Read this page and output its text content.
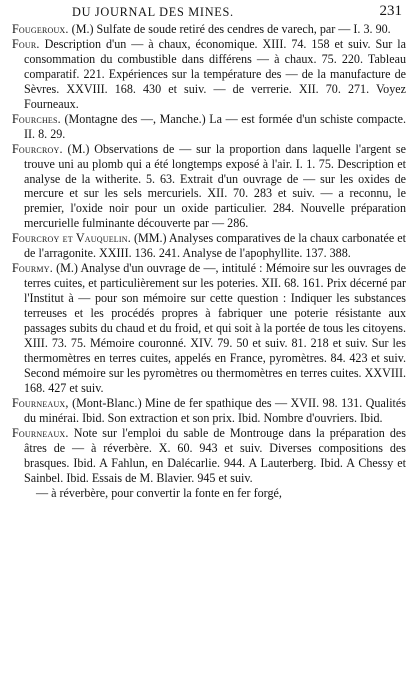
DU JOURNAL DES MINES.	231

Fougeroux. (M.) Sulfate de soude retiré des cendres de varech, par — I. 3. 90.

Four. Description d'un — à chaux, économique. XIII. 74. 158 et suiv. Sur la consommation du combustible dans différens — à chaux. 75. 220. Tableau comparatif. 221. Expériences sur la température des — de la manufacture de Sèvres. XXVIII. 168. 430 et suiv. — de verrerie. XII. 70. 271. Voyez Fourneaux.

Fourches. (Montagne des —, Manche.) La — est formée d'un schiste compacte. II. 8. 29.

Fourcroy. (M.) Observations de — sur la proportion dans laquelle l'argent se trouve uni au plomb qui a été longtemps exposé à l'air. I. 1. 75. Description et analyse de la witherite. 5. 63. Extrait d'un ouvrage de — sur les oxides de mercure et sur les sels mercuriels. XII. 70. 283 et suiv. — a reconnu, le premier, l'oxide noir pour un oxide particulier. 284. Nouvelle préparation mercurielle fulminante découverte par — 286.

Fourcroy et Vauquelin. (MM.) Analyses comparatives de la chaux carbonatée et de l'arragonite. XXIII. 136. 241. Analyse de l'apophyllite. 137. 388.

Fourmy. (M.) Analyse d'un ouvrage de —, intitulé : Mémoire sur les ouvrages de terres cuites, et particulièrement sur les poteries. XII. 68. 161. Prix décerné par l'Institut à — pour son mémoire sur cette question : Indiquer les substances terreuses et les procédés propres à fabriquer une poterie résistante aux passages subits du chaud et du froid, et qui soit à la portée de tous les citoyens. XIII. 73. 75. Mémoire couronné. XIV. 79. 50 et suiv. 81. 218 et suiv. Sur les thermomètres en terres cuites, appelés en France, pyromètres. 84. 423 et suiv. Second mémoire sur les pyromètres ou thermomètres en terres cuites. XXVIII. 168. 427 et suiv.

Fourneaux, (Mont-Blanc.) Mine de fer spathique des — XVII. 98. 131. Qualités du minérai. Ibid. Son extraction et son prix. Ibid. Nombre d'ouvriers. Ibid.

Fourneaux. Note sur l'emploi du sable de Montrouge dans la préparation des âtres de — à réverbère. X. 60. 943 et suiv. Diverses compositions des brasques. Ibid. A Fahlun, en Dalécarlie. 944. A Lauterberg. Ibid. A Chessy et Sainbel. Ibid. Essais de M. Blavier. 945 et suiv.

— à réverbère, pour convertir la fonte en fer forgé,
